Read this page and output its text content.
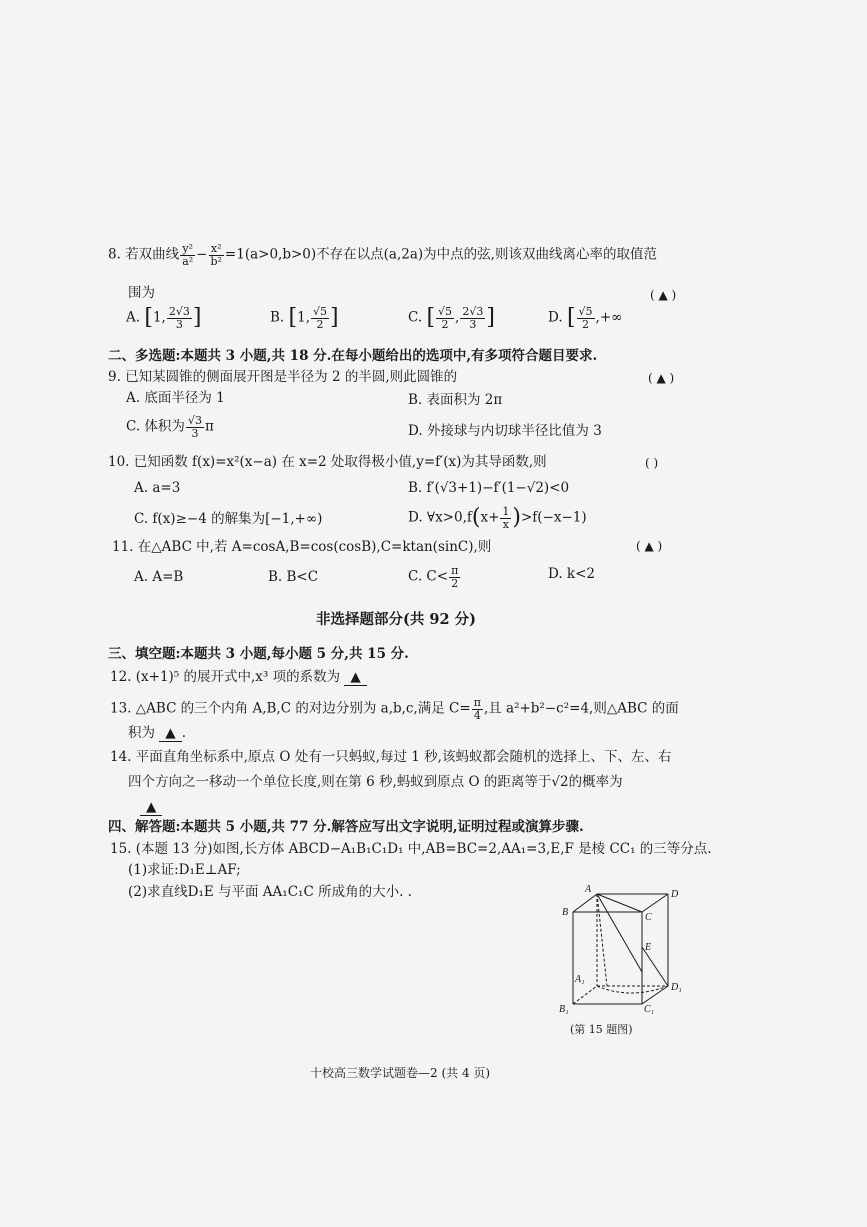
8. 若双曲线 $\frac{\text{y²}}{\text{a²}} - \frac{\text{x²}}{\text{b²}} =1(a>0,b>0)$不存在以点(a,2a)为中点的弦,则该双曲线离心率的取值范
围为	( ▲ )
A. [1, $\frac{2√3}{3}$ ]	B. [1, $\frac{√5}{2}$ ]	C. [ $\frac{√5}{2}$ , $\frac{2√3}{3}$ ]	D. [ $\frac{√5}{2}$ ,+∞
二、多选题:本题共 3 小题,共 18 分.在每小题给出的选项中,有多项符合题目要求.
9. 已知某圆锥的侧面展开图是半径为 2 的半圆,则此圆锥的	( ▲ )
A. 底面半径为 1	B. 表面积为 2π
C. 体积为 $\frac{√3}{3}$ π	D. 外接球与内切球半径比值为 3
10. 已知函数 f(x)=x²(x−a) 在 x=2 处取得极小值,y=f′(x)为其导函数,则	( )
A. a=3	B. f′(√3+1)−f′(1−√2)<0
C. f(x)≥−4 的解集为[−1,+∞)	D. ∀x>0,f(x+ $\frac{1}{x} )>f(-x-1)$
11. 在△ABC 中,若 A=cosA,B=cos(cosB),C=ktan(sinC),则	( ▲ )
A. A=B	B. B<C	C. $C< \frac{\pi}{2}$	D. k<2
非选择题部分(共 92 分)
三、填空题:本题共 3 小题,每小题 5 分,共 15 分.
12. (x+1)⁵ 的展开式中,x³ 项的系数为 ▲
13. △ABC 的三个内角 A,B,C 的对边分别为 a,b,c,满足 $C= \frac{\pi}{4}$ ,且 a²+b²−c²=4,则△ABC 的面
积为 ▲ .
14. 平面直角坐标系中,原点 O 处有一只蚂蚁,每过 1 秒,该蚂蚁都会随机的选择上、下、左、右
四个方向之一移动一个单位长度,则在第 6 秒,蚂蚁到原点 O 的距离等于√2的概率为
▲
四、解答题:本题共 5 小题,共 77 分.解答应写出文字说明,证明过程或演算步骤.
15. (本题 13 分)如图,长方体 ABCD−A₁B₁C₁D₁ 中,AB=BC=2,AA₁=3,E,F 是棱 CC₁ 的三等分点.
(1)求证:D₁E⊥AF;
(2)求直线D₁E 与平面 AA₁C₁C 所成角的大小. .	A	D
B	C
E
A₁
D₁
B₁	C₁
(第 15 题图)
十校高三数学试题卷—2 (共 4 页)
